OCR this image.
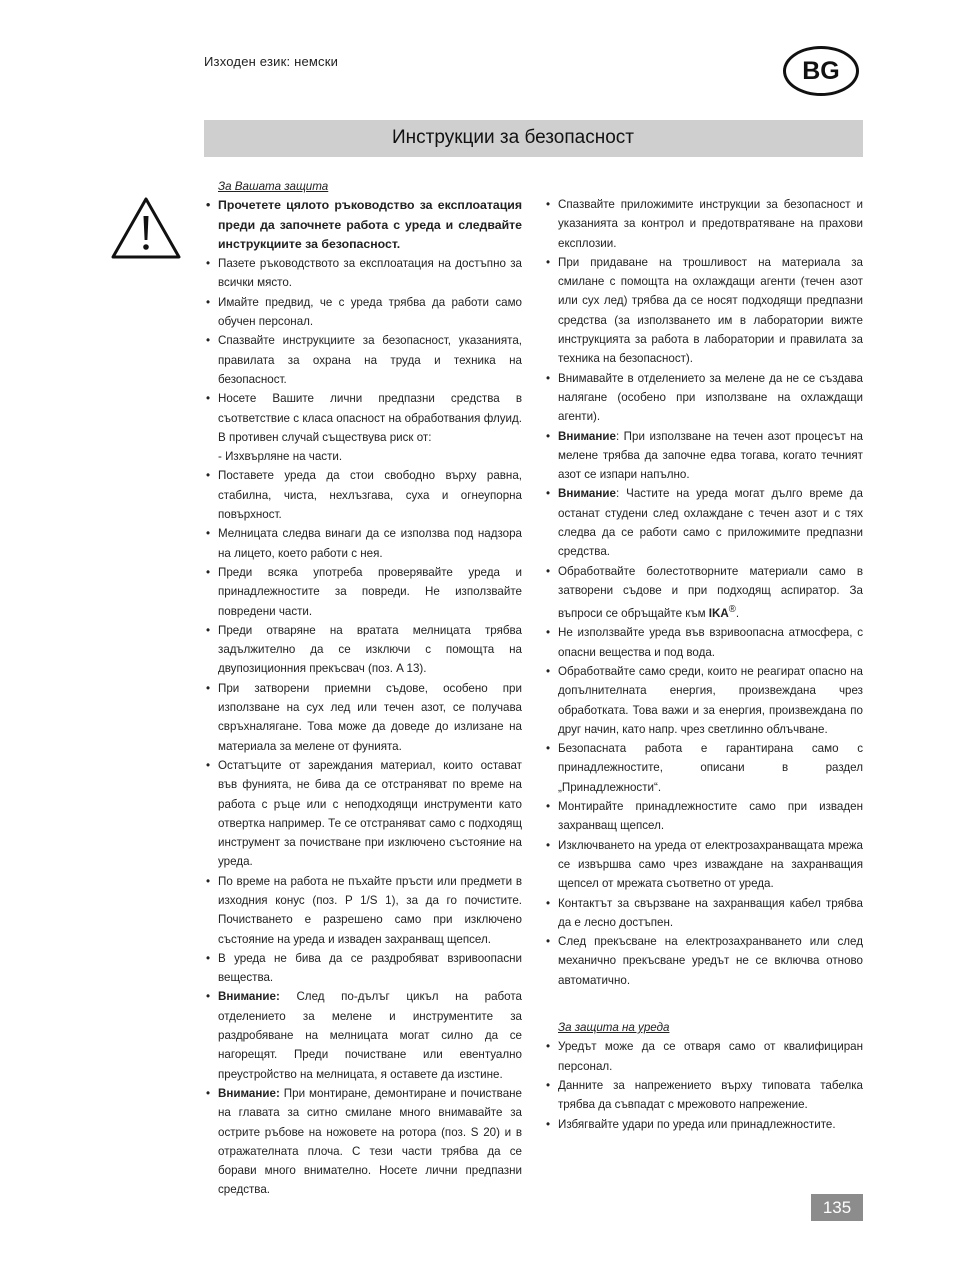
Изходен език: немски	BG
Инструкции за безопасност
За Вашата защита
• Прочетете цялото ръководство за експлоатация преди да започнете работа с уреда и следвайте инструкциите за безопасност.
• Пазете ръководството за експлоатация на достъпно за всички място.
• Имайте предвид, че с уреда трябва да работи само обучен персонал.
• Спазвайте инструкциите за безопасност, указанията, правилата за охрана на труда и техника на безопасност.
• Носете Вашите лични предпазни средства в съответствие с класа опасност на обработвания флуид. В противен случай съществува риск от:
- Изхвърляне на части.
• Поставете уреда да стои свободно върху равна, стабилна, чиста, нехлъзгава, суха и огнеупорна повърхност.
• Мелницата следва винаги да се използва под надзора на лицето, което работи с нея.
• Преди всяка употреба проверявайте уреда и принадлежностите за повреди. Не използвайте повредени части.
• Преди отваряне на вратата мелницата трябва задължително да се изключи с помощта на двупозиционния прекъсвач (поз. A 13).
• При затворени приемни съдове, особено при използване на сух лед или течен азот, се получава свръхналягане. Това може да доведе до излизане на материала за мелене от фунията.
• Остатъците от зареждания материал, които остават във фунията, не бива да се отстраняват по време на работа с ръце или с неподходящи инструменти като отвертка например. Те се отстраняват само с подходящ инструмент за почистване при изключено състояние на уреда.
• По време на работа не пъхайте пръсти или предмети в изходния конус (поз. P 1/S 1), за да го почистите. Почистването е разрешено само при изключено състояние на уреда и изваден захранващ щепсел.
• В уреда не бива да се раздробяват взривоопасни вещества.
• Внимание: След по-дълъг цикъл на работа отделението за мелене и инструментите за раздробяване на мелницата могат силно да се нагорещят. Преди почистване или евентуално преустройство на мелницата, я оставете да изстине.
• Внимание: При монтиране, демонтиране и почистване на главата за ситно смилане много внимавайте за острите ръбове на ножовете на ротора (поз. S 20) и в отражателната плоча. С тези части трябва да се борави много внимателно. Носете лични предпазни средства.
• Спазвайте приложимите инструкции за безопасност и указанията за контрол и предотвратяване на прахови експлозии.
• При придаване на трошливост на материала за смилане с помощта на охлаждащи агенти (течен азот или сух лед) трябва да се носят подходящи предпазни средства (за използването им в лаборатории вижте инструкцията за работа в лаборатории и правилата за техника на безопасност).
• Внимавайте в отделението за мелене да не се създава налягане (особено при използване на охлаждащи агенти).
• Внимание: При използване на течен азот процесът на мелене трябва да започне едва тогава, когато течният азот се изпари напълно.
• Внимание: Частите на уреда могат дълго време да останат студени след охлаждане с течен азот и с тях следва да се работи само с приложимите предпазни средства.
• Обработвайте болестотворните материали само в затворени съдове и при подходящ аспиратор. За въпроси се обръщайте към IKA®.
• Не използвайте уреда във взривоопасна атмосфера, с опасни вещества и под вода.
• Обработвайте само среди, които не реагират опасно на допълнителната енергия, произвеждана чрез обработката. Това важи и за енергия, произвеждана по друг начин, като напр. чрез светлинно облъчване.
• Безопасната работа е гарантирана само с принадлежностите, описани в раздел „Принадлежности“.
• Монтирайте принадлежностите само при изваден захранващ щепсел.
• Изключването на уреда от електрозахранващата мрежа се извършва само чрез изваждане на захранващия щепсел от мрежата съответно от уреда.
• Контактът за свързване на захранващия кабел трябва да е лесно достъпен.
• След прекъсване на електрозахранването или след механично прекъсване уредът не се включва отново автоматично.
За защита на уреда
• Уредът може да се отваря само от квалифициран персонал.
• Данните за напрежението върху типовата табелка трябва да съвпадат с мрежовото напрежение.
• Избягвайте удари по уреда или принадлежностите.
135
